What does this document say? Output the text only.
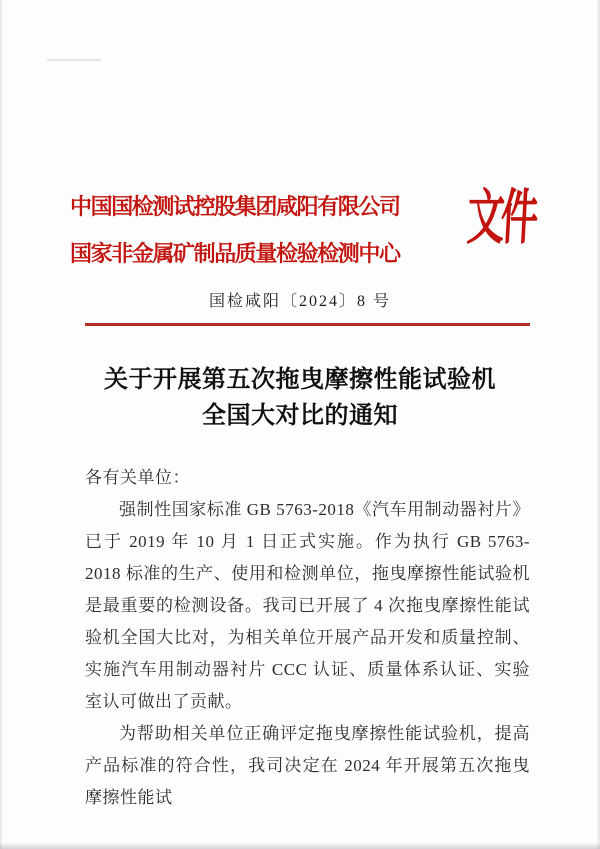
中国国检测试控股集团咸阳有限公司
国家非金属矿制品质量检验检测中心
文件
国检咸阳〔2024〕8 号
关于开展第五次拖曳摩擦性能试验机
全国大对比的通知

各有关单位：

强制性国家标准 GB 5763-2018《汽车用制动器衬片》已于 2019 年 10 月 1 日正式实施。作为执行 GB 5763-2018 标准的生产、使用和检测单位，拖曳摩擦性能试验机是最重要的检测设备。我司已开展了 4 次拖曳摩擦性能试验机全国大比对，为相关单位开展产品开发和质量控制、实施汽车用制动器衬片 CCC 认证、质量体系认证、实验室认可做出了贡献。

为帮助相关单位正确评定拖曳摩擦性能试验机，提高产品标准的符合性，我司决定在 2024 年开展第五次拖曳摩擦性能试
